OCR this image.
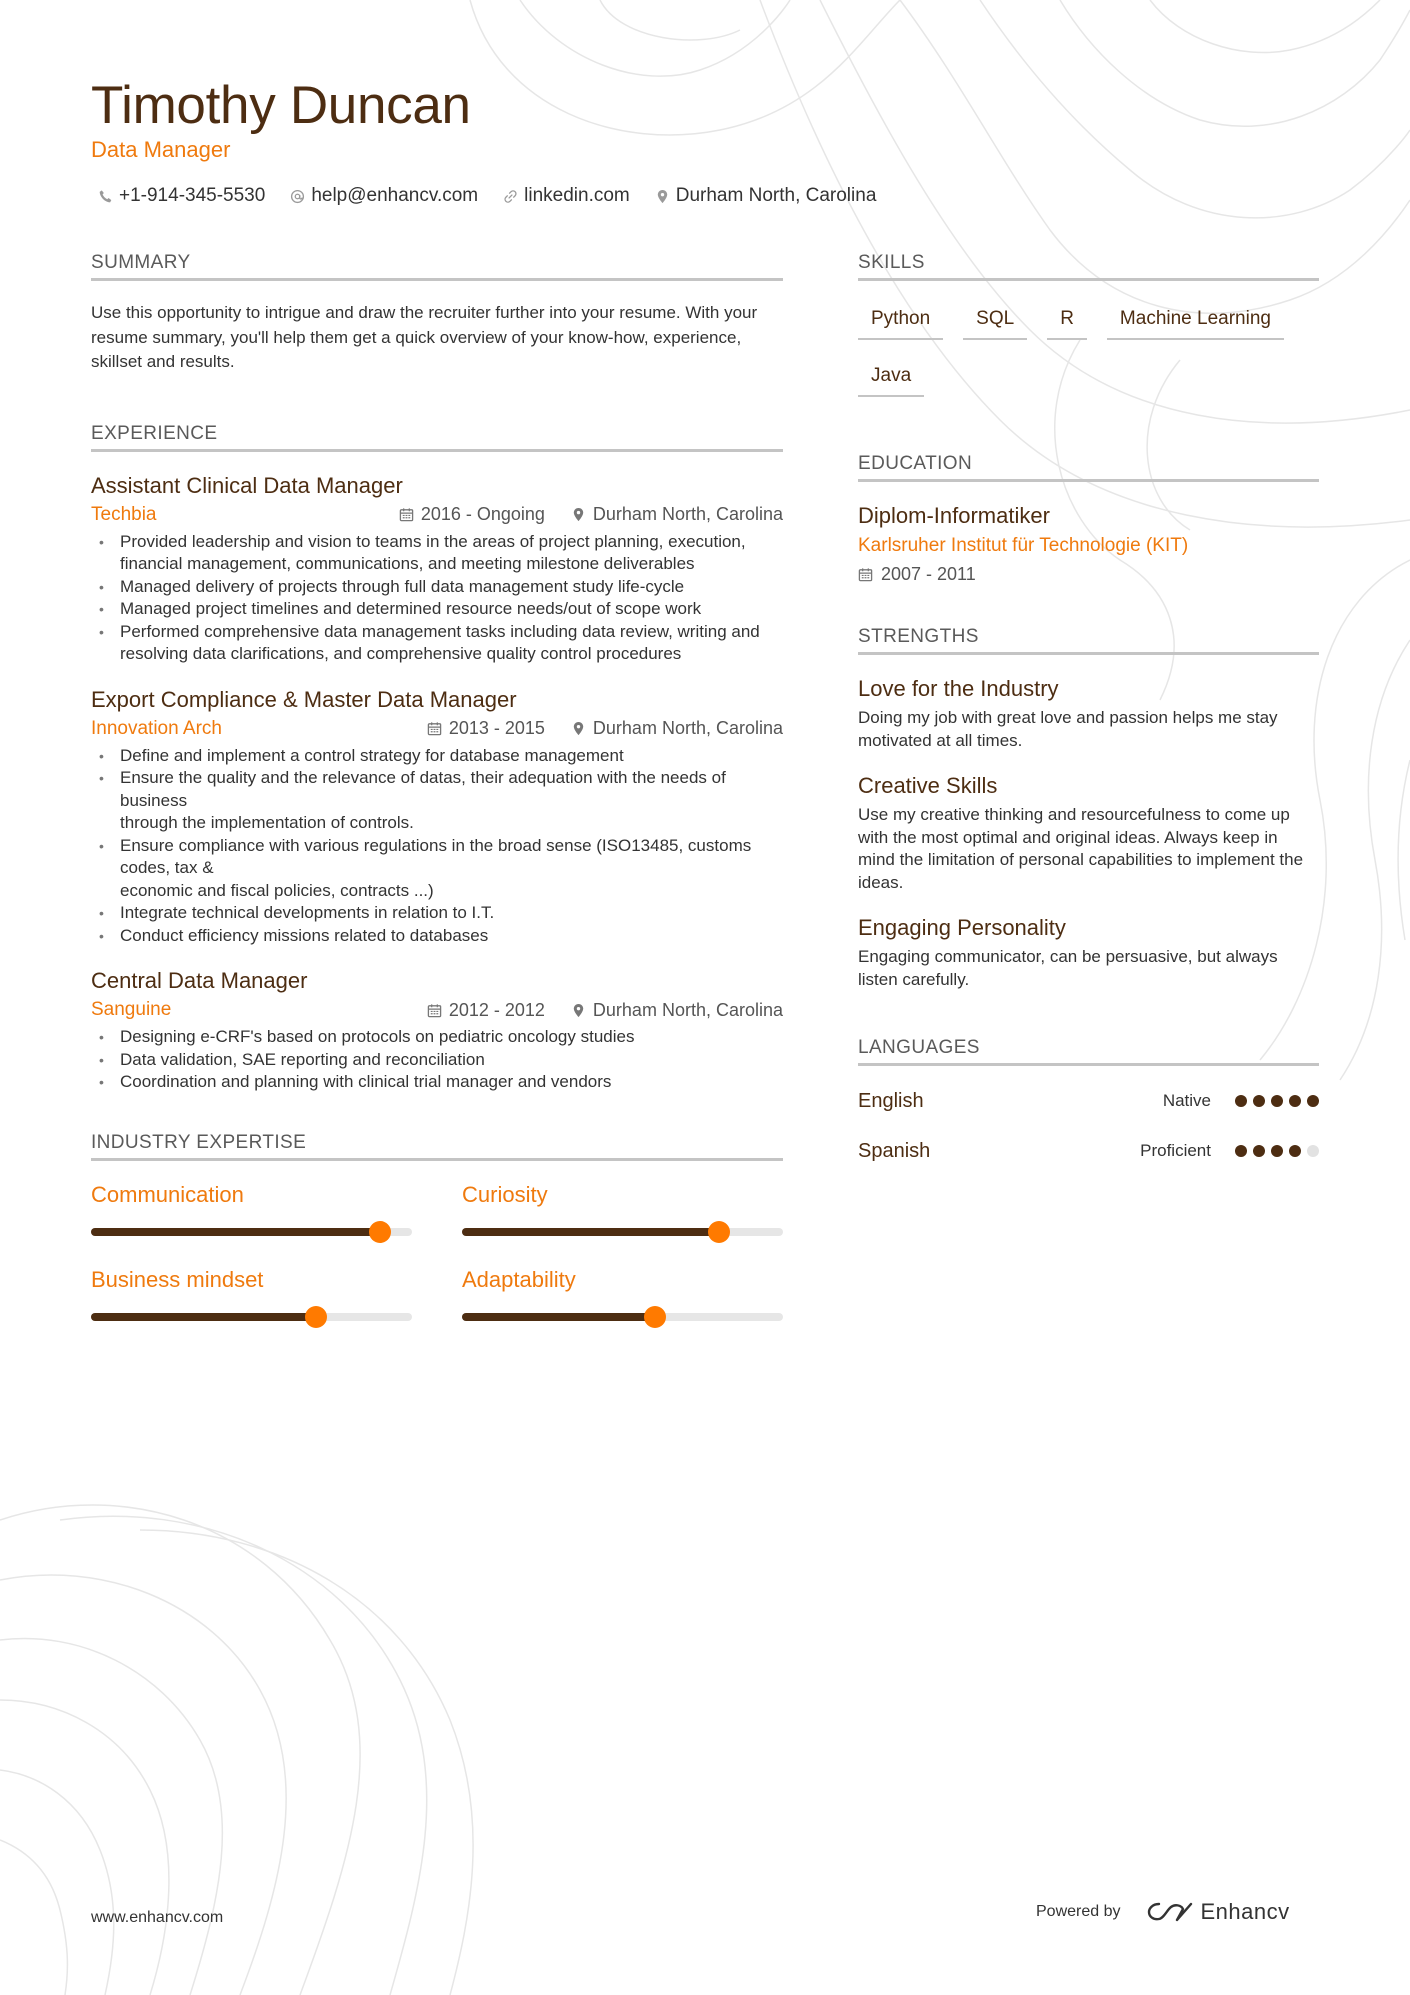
Timothy Duncan
Data Manager
+1-914-345-5530 help@enhancv.com linkedin.com Durham North, Carolina
SUMMARY

Use this opportunity to intrigue and draw the recruiter further into your resume. With your resume summary, you'll help them get a quick overview of your know-how, experience, skillset and results.

EXPERIENCE
Assistant Clinical Data Manager
Techbia	2016 - Ongoing	Durham North, Carolina
• Provided leadership and vision to teams in the areas of project planning, execution, financial management, communications, and meeting milestone deliverables
• Managed delivery of projects through full data management study life-cycle
• Managed project timelines and determined resource needs/out of scope work
• Performed comprehensive data management tasks including data review, writing and resolving data clarifications, and comprehensive quality control procedures
Export Compliance & Master Data Manager
Innovation Arch	2013 - 2015	Durham North, Carolina
• Define and implement a control strategy for database management
• Ensure the quality and the relevance of datas, their adequation with the needs of business
through the implementation of controls.
• Ensure compliance with various regulations in the broad sense (ISO13485, customs codes, tax &
economic and fiscal policies, contracts ...)
• Integrate technical developments in relation to I.T.
• Conduct efficiency missions related to databases
Central Data Manager
Sanguine	2012 - 2012	Durham North, Carolina
• Designing e-CRF's based on protocols on pediatric oncology studies
• Data validation, SAE reporting and reconciliation
• Coordination and planning with clinical trial manager and vendors
INDUSTRY EXPERTISE
Communication	Curiosity
Business mindset	Adaptability
SKILLS
Python	SQL	R	Machine Learning
Java
EDUCATION
Diplom-Informatiker
Karlsruher Institut für Technologie (KIT)
2007 - 2011
STRENGTHS
Love for the Industry
Doing my job with great love and passion helps me stay motivated at all times.
Creative Skills
Use my creative thinking and resourcefulness to come up with the most optimal and original ideas. Always keep in mind the limitation of personal capabilities to implement the ideas.
Engaging Personality
Engaging communicator, can be persuasive, but always listen carefully.
LANGUAGES
English	Native
Spanish	Proficient
www.enhancv.com	Powered by	Enhancv
